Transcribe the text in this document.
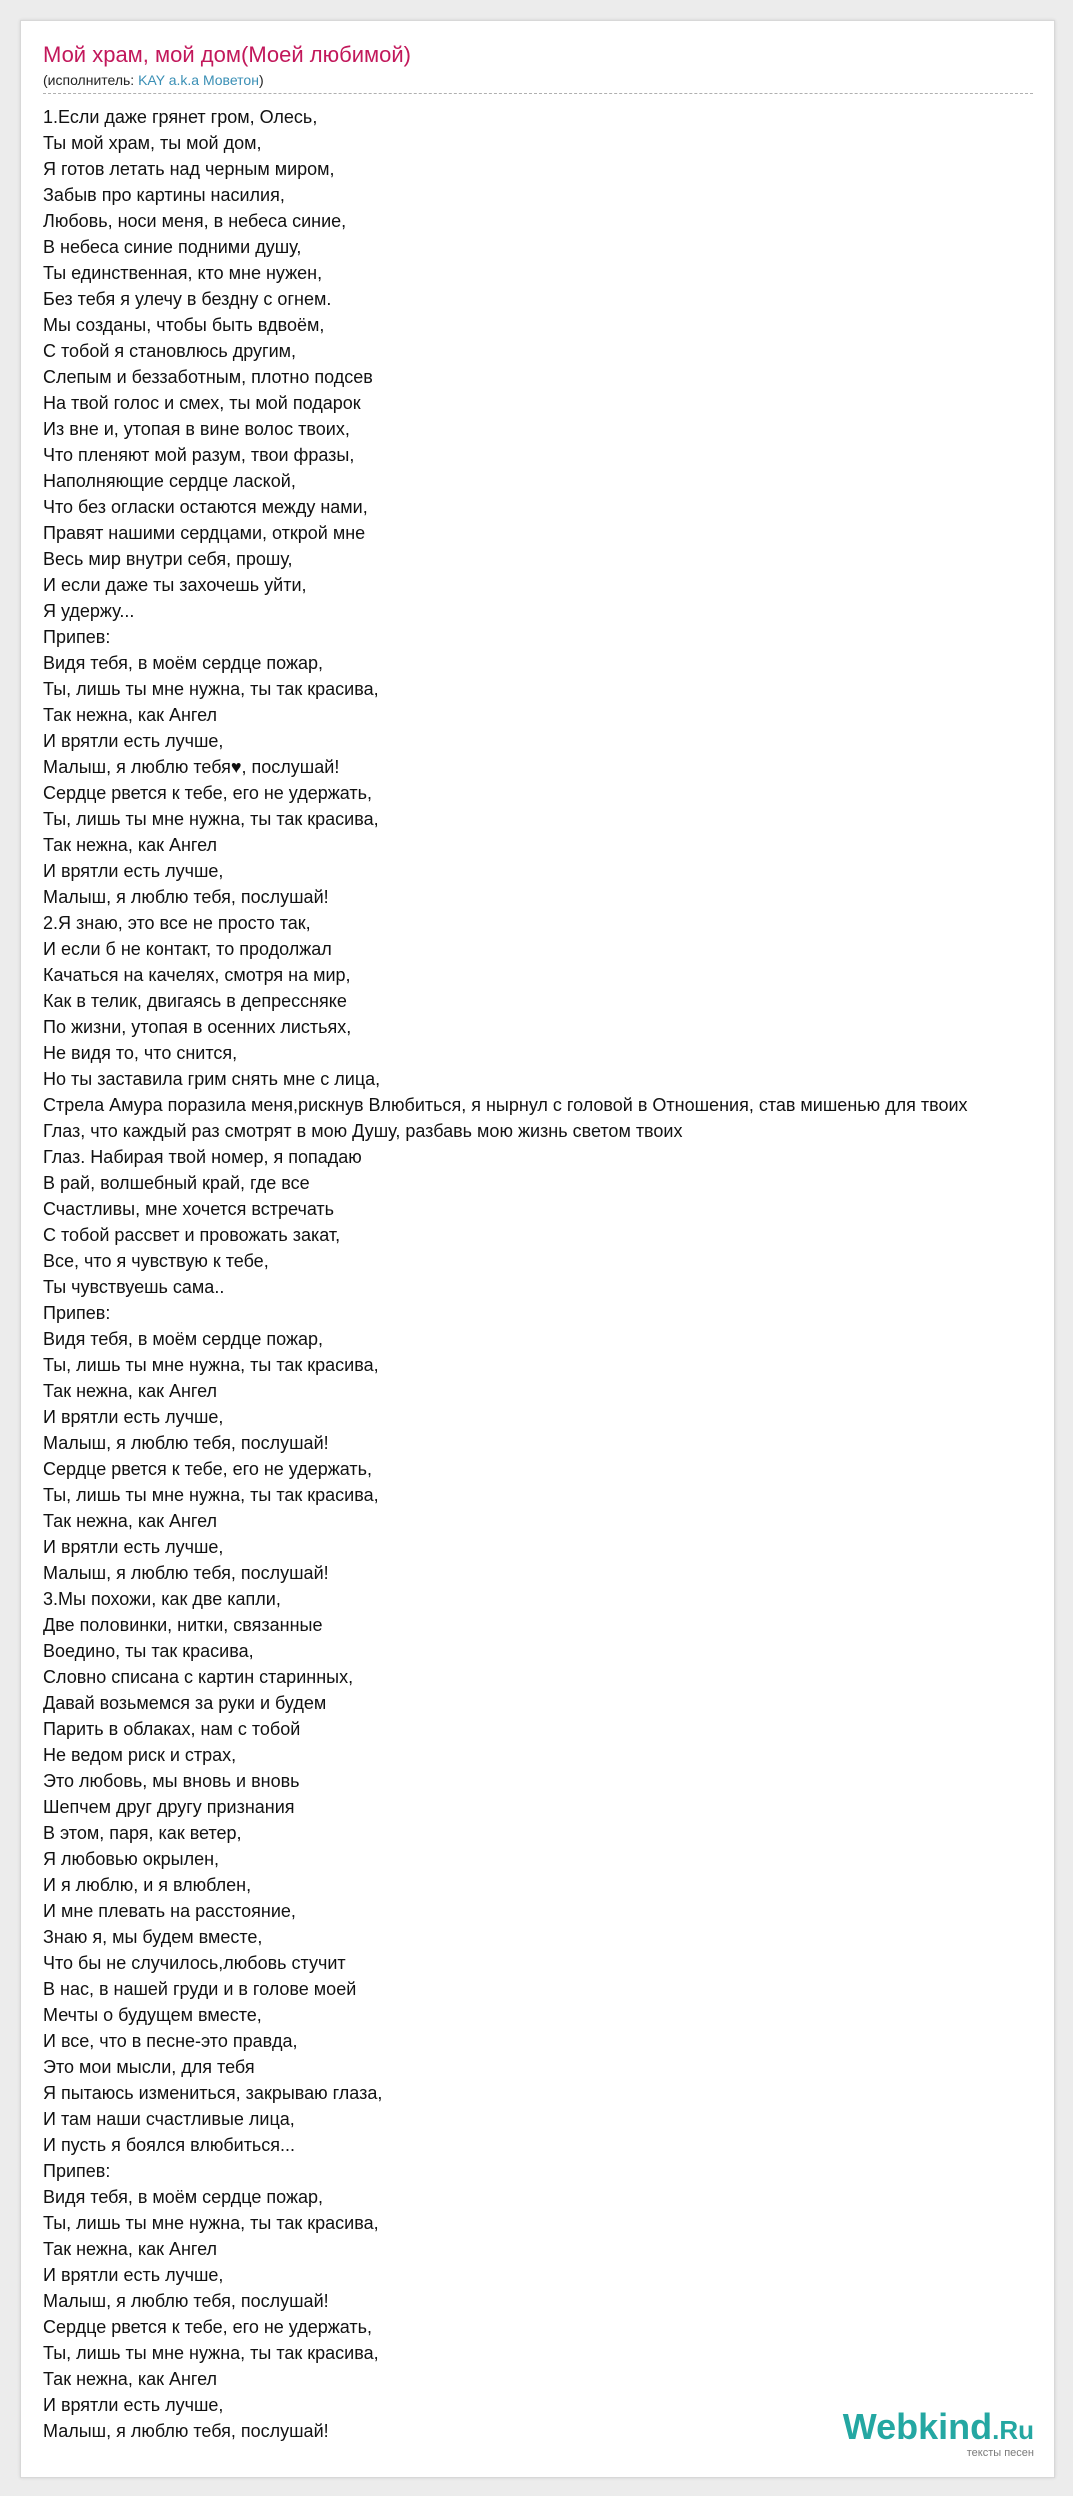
Мой храм, мой дом(Моей любимой)
(исполнитель: KAY a.k.a Моветон)
1.Если даже грянет гром, Олесь,
Ты мой храм, ты мой дом,
Я готов летать над черным миром,
Забыв про картины насилия,
Любовь, носи меня, в небеса синие,
В небеса синие подними душу,
Ты единственная, кто мне нужен,
Без тебя я улечу в бездну с огнем.
Мы созданы, чтобы быть вдвоём,
С тобой я становлюсь другим,
Слепым и беззаботным, плотно подсев
На твой голос и смех, ты мой подарок
Из вне и, утопая в вине волос твоих,
Что пленяют мой разум, твои фразы,
Наполняющие сердце лаской,
Что без огласки остаются между нами,
Правят нашими сердцами, открой мне
Весь мир внутри себя, прошу,
И если даже ты захочешь уйти,
Я удержу...
Припев:
Видя тебя, в моём сердце пожар,
Ты, лишь ты мне нужна, ты так красива,
Так нежна, как Ангел
И врятли есть лучше,
Малыш, я люблю тебя♥, послушай!
Сердце рвется к тебе, его не удержать,
Ты, лишь ты мне нужна, ты так красива,
Так нежна, как Ангел
И врятли есть лучше,
Малыш, я люблю тебя, послушай!
2.Я знаю, это все не просто так,
И если б не контакт, то продолжал
Качаться на качелях, смотря на мир,
Как в телик, двигаясь в депрессняке
По жизни, утопая в осенних листьях,
Не видя то, что снится,
Но ты заставила грим снять мне с лица,
Стрела Амура поразила меня,рискнув Влюбиться, я нырнул с головой в Отношения, став мишенью для твоих
Глаз, что каждый раз смотрят в мою Душу, разбавь мою жизнь светом твоих
Глаз. Набирая твой номер, я попадаю
В рай, волшебный край, где все
Счастливы, мне хочется встречать
С тобой рассвет и провожать закат,
Все, что я чувствую к тебе,
Ты чувствуешь сама..
Припев:
Видя тебя, в моём сердце пожар,
Ты, лишь ты мне нужна, ты так красива,
Так нежна, как Ангел
И врятли есть лучше,
Малыш, я люблю тебя, послушай!
Сердце рвется к тебе, его не удержать,
Ты, лишь ты мне нужна, ты так красива,
Так нежна, как Ангел
И врятли есть лучше,
Малыш, я люблю тебя, послушай!
3.Мы похожи, как две капли,
Две половинки, нитки, связанные
Воедино, ты так красива,
Словно списана с картин старинных,
Давай возьмемся за руки и будем
Парить в облаках, нам с тобой
Не ведом риск и страх,
Это любовь, мы вновь и вновь
Шепчем друг другу признания
В этом, паря, как ветер,
Я любовью окрылен,
И я люблю, и я влюблен,
И мне плевать на расстояние,
Знаю я, мы будем вместе,
Что бы не случилось,любовь стучит
В нас, в нашей груди и в голове моей
Мечты о будущем вместе,
И все, что в песне-это правда,
Это мои мысли, для тебя
Я пытаюсь измениться, закрываю глаза,
И там наши счастливые лица,
И пусть я боялся влюбиться...
Припев:
Видя тебя, в моём сердце пожар,
Ты, лишь ты мне нужна, ты так красива,
Так нежна, как Ангел
И врятли есть лучше,
Малыш, я люблю тебя, послушай!
Сердце рвется к тебе, его не удержать,
Ты, лишь ты мне нужна, ты так красива,
Так нежна, как Ангел
И врятли есть лучше,
Малыш, я люблю тебя, послушай!	Webkind.Ru
тексты песен
